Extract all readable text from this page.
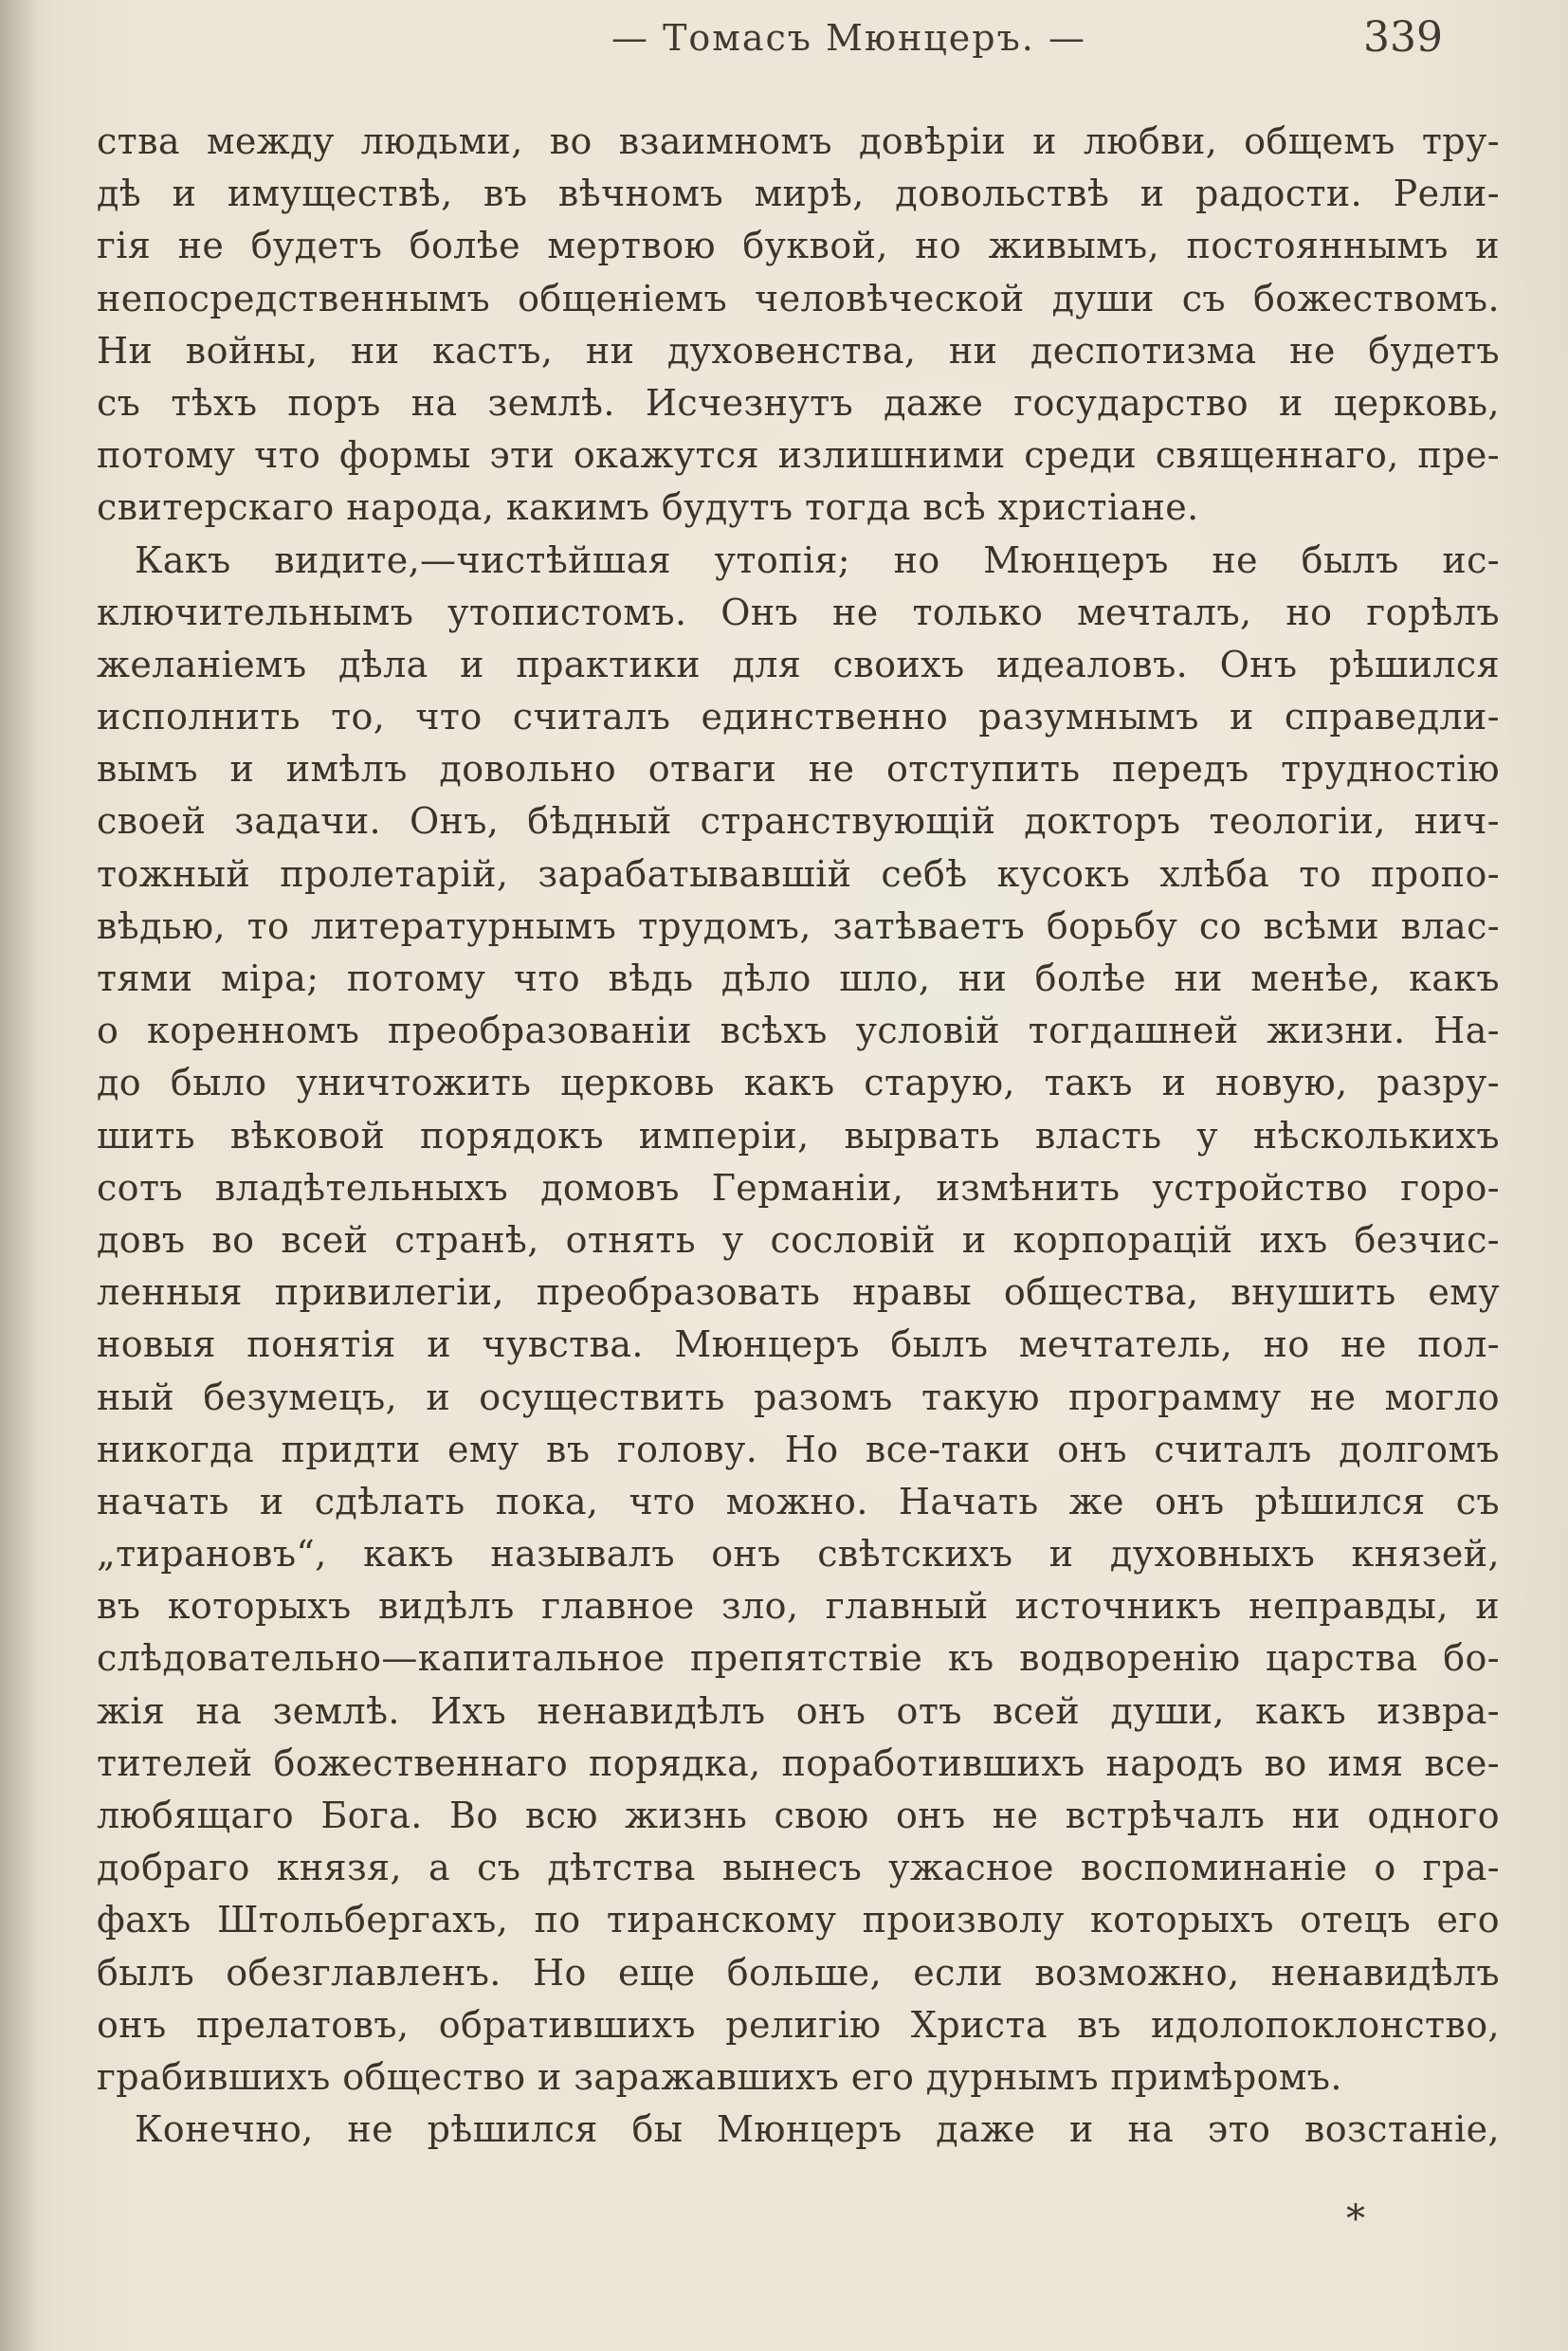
— Томасъ Мюнцеръ. —	339
ства между людьми, во взаимномъ довѣріи и любви, общемъ тру-
дѣ и имуществѣ, въ вѣчномъ мирѣ, довольствѣ и радости. Рели-
гія не будетъ болѣе мертвою буквой, но живымъ, постояннымъ и
непосредственнымъ общеніемъ человѣческой души съ божествомъ.
Ни войны, ни кастъ, ни духовенства, ни деспотизма не будетъ
съ тѣхъ поръ на землѣ. Исчезнутъ даже государство и церковь,
потому что формы эти окажутся излишними среди священнаго, пре-
свитерскаго народа, какимъ будутъ тогда всѣ христіане.
Какъ видите,—чистѣйшая утопія; но Мюнцеръ не былъ ис-
ключительнымъ утопистомъ. Онъ не только мечталъ, но горѣлъ
желаніемъ дѣла и практики для своихъ идеаловъ. Онъ рѣшился
исполнить то, что считалъ единственно разумнымъ и справедли-
вымъ и имѣлъ довольно отваги не отступить передъ трудностію
своей задачи. Онъ, бѣдный странствующій докторъ теологіи, нич-
тожный пролетарій, зарабатывавшій себѣ кусокъ хлѣба то пропо-
вѣдью, то литературнымъ трудомъ, затѣваетъ борьбу со всѣми влас-
тями міра; потому что вѣдь дѣло шло, ни болѣе ни менѣе, какъ
о коренномъ преобразованіи всѣхъ условій тогдашней жизни. На-
до было уничтожить церковь какъ старую, такъ и новую, разру-
шить вѣковой порядокъ имперіи, вырвать власть у нѣсколькихъ
сотъ владѣтельныхъ домовъ Германіи, измѣнить устройство горо-
довъ во всей странѣ, отнять у сословій и корпорацій ихъ безчис-
ленныя привилегіи, преобразовать нравы общества, внушить ему
новыя понятія и чувства. Мюнцеръ былъ мечтатель, но не пол-
ный безумецъ, и осуществить разомъ такую программу не могло
никогда придти ему въ голову. Но все-таки онъ считалъ долгомъ
начать и сдѣлать пока, что можно. Начать же онъ рѣшился съ
„тирановъ“, какъ называлъ онъ свѣтскихъ и духовныхъ князей,
въ которыхъ видѣлъ главное зло, главный источникъ неправды, и
слѣдовательно—капитальное препятствіе къ водворенію царства бо-
жія на землѣ. Ихъ ненавидѣлъ онъ отъ всей души, какъ извра-
тителей божественнаго порядка, поработившихъ народъ во имя все-
любящаго Бога. Во всю жизнь свою онъ не встрѣчалъ ни одного
добраго князя, а съ дѣтства вынесъ ужасное воспоминаніе о гра-
фахъ Штольбергахъ, по тиранскому произволу которыхъ отецъ его
былъ обезглавленъ. Но еще больше, если возможно, ненавидѣлъ
онъ прелатовъ, обратившихъ религію Христа въ идолопоклонство,
грабившихъ общество и заражавшихъ его дурнымъ примѣромъ.
Конечно, не рѣшился бы Мюнцеръ даже и на это возстаніе,
*
